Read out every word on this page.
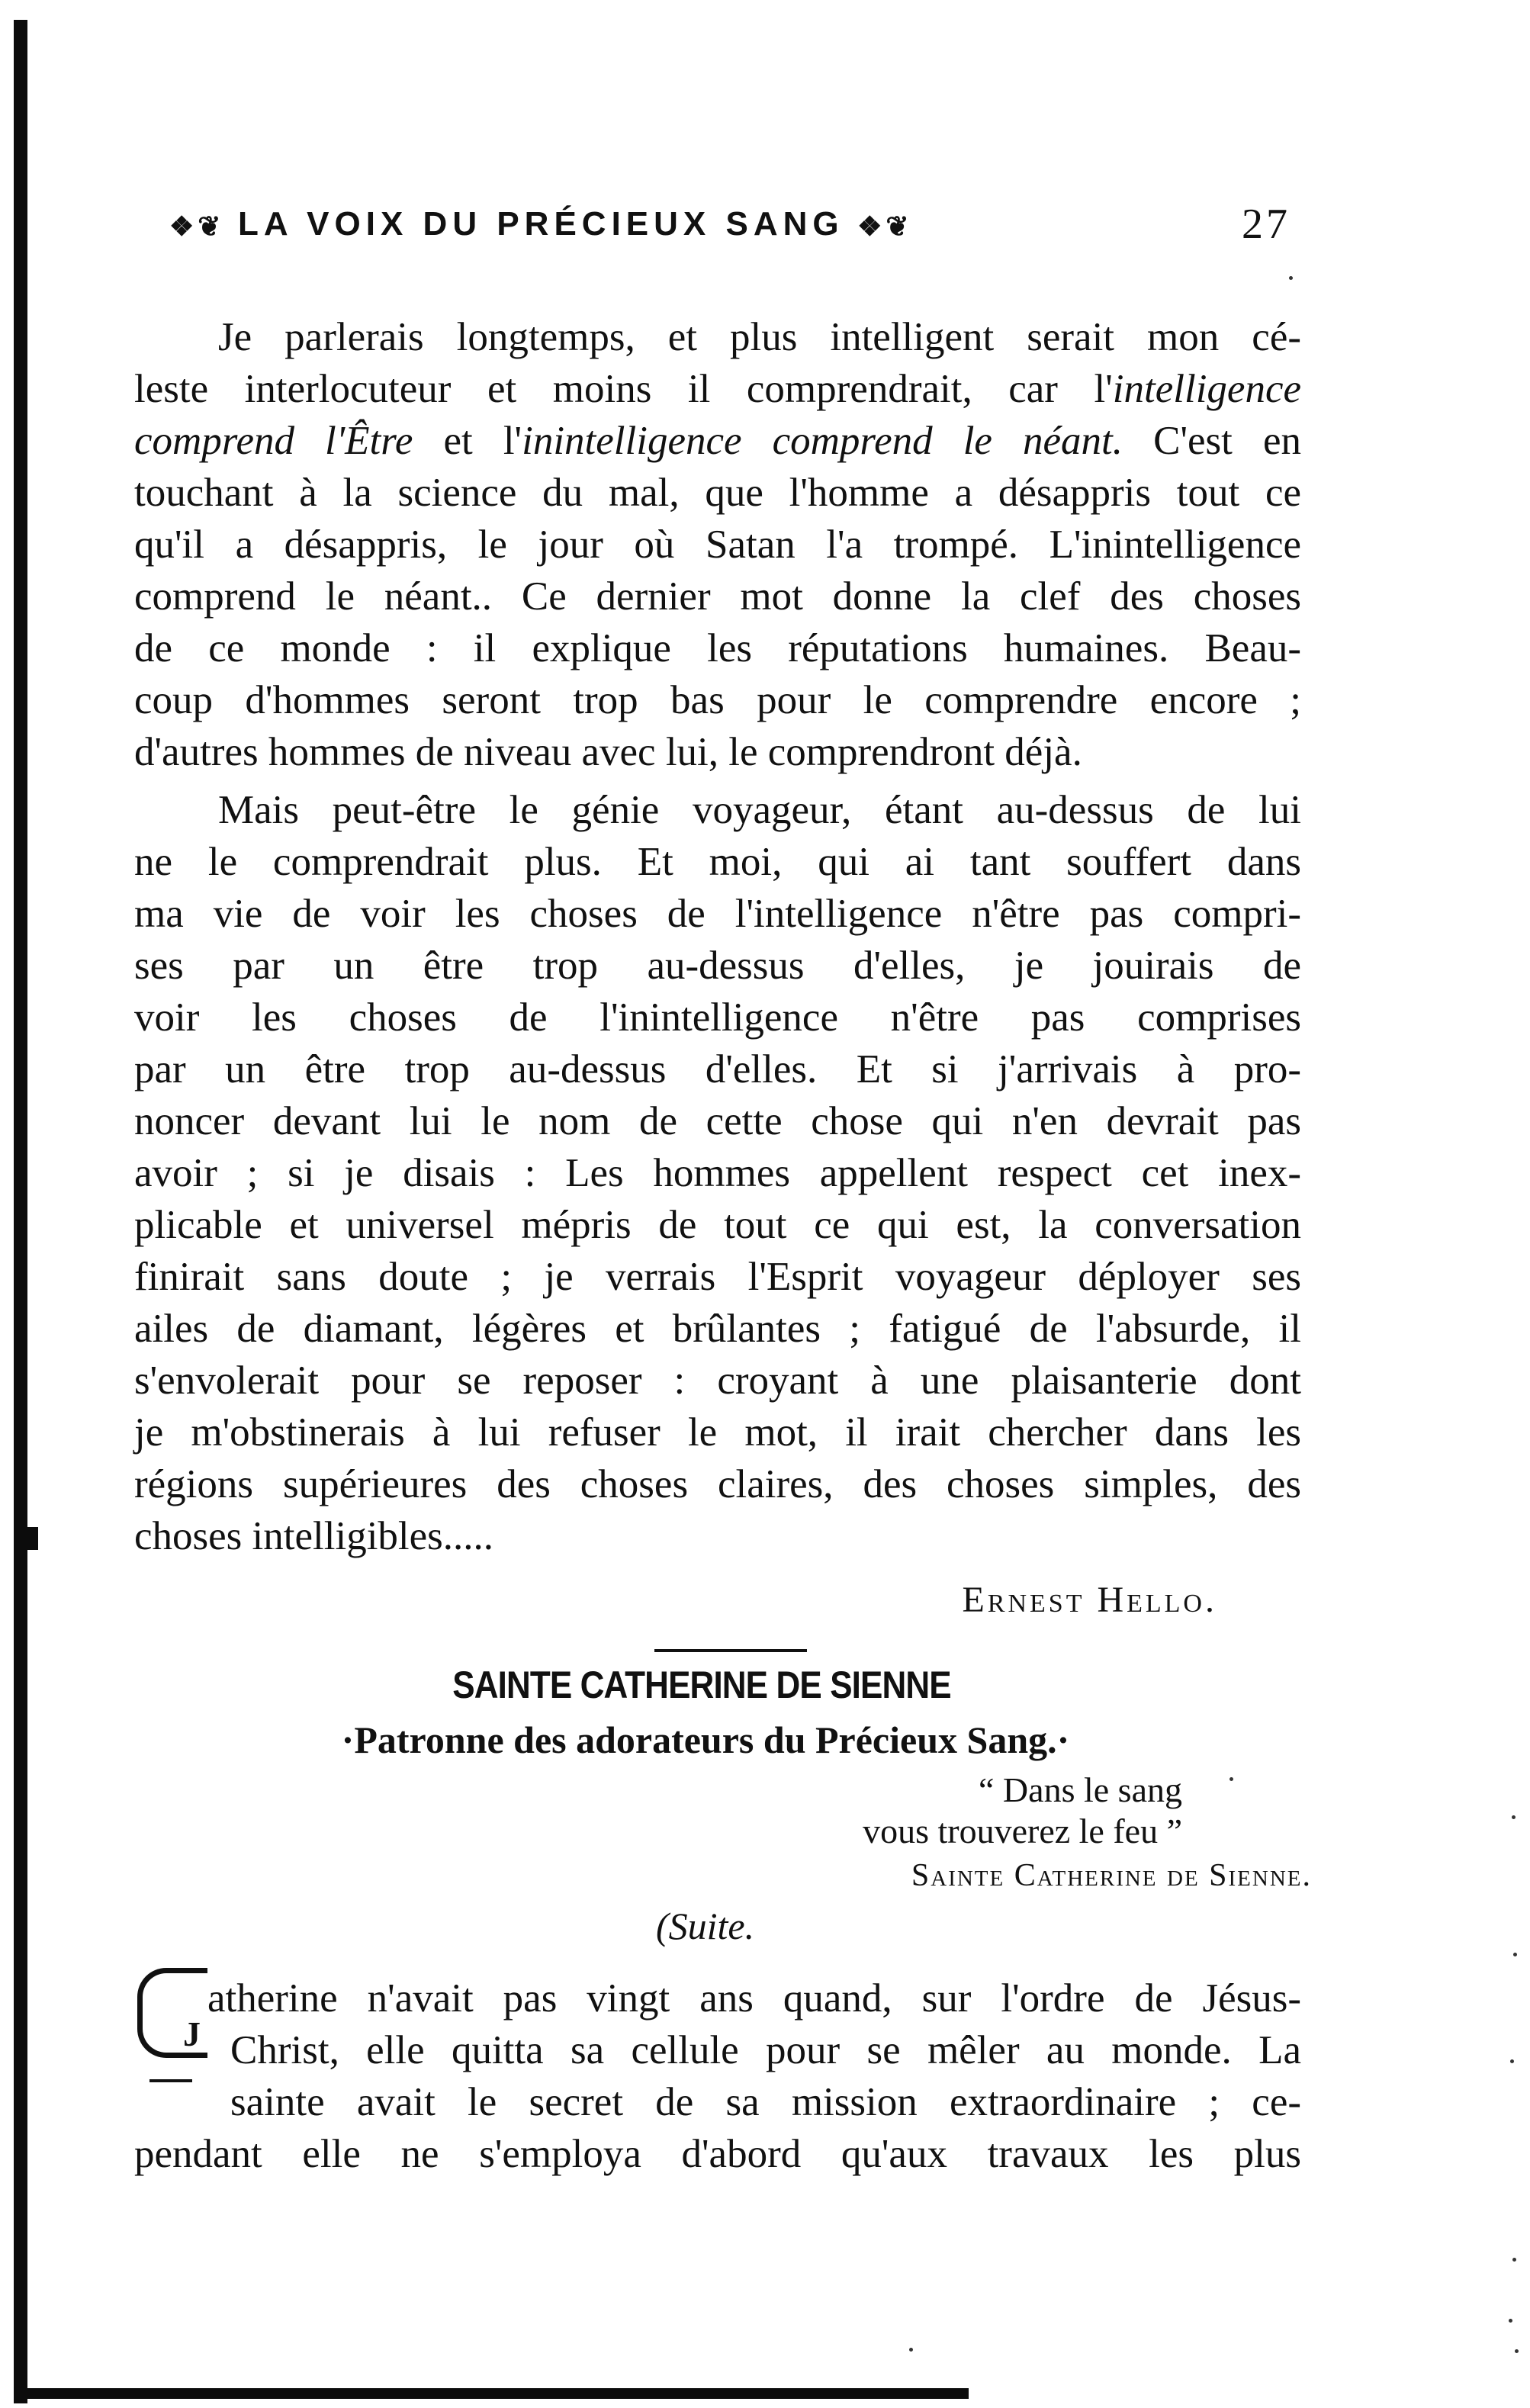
❖❦ LA VOIX DU PRÉCIEUX SANG ❖❦	27
Je parlerais longtemps, et plus intelligent serait mon cé-
leste interlocuteur et moins il comprendrait, car l'intelligence
comprend l'Être et l'inintelligence comprend le néant. C'est en
touchant à la science du mal, que l'homme a désappris tout ce
qu'il a désappris, le jour où Satan l'a trompé. L'inintelligence
comprend le néant.. Ce dernier mot donne la clef des choses
de ce monde : il explique les réputations humaines. Beau-
coup d'hommes seront trop bas pour le comprendre encore ;
d'autres hommes de niveau avec lui, le comprendront déjà.
Mais peut-être le génie voyageur, étant au-dessus de lui
ne le comprendrait plus. Et moi, qui ai tant souffert dans
ma vie de voir les choses de l'intelligence n'être pas compri-
ses par un être trop au-dessus d'elles, je jouirais de
voir les choses de l'inintelligence n'être pas comprises
par un être trop au-dessus d'elles. Et si j'arrivais à pro-
noncer devant lui le nom de cette chose qui n'en devrait pas
avoir ; si je disais : Les hommes appellent respect cet inex-
plicable et universel mépris de tout ce qui est, la conversation
finirait sans doute ; je verrais l'Esprit voyageur déployer ses
ailes de diamant, légères et brûlantes ; fatigué de l'absurde, il
s'envolerait pour se reposer : croyant à une plaisanterie dont
je m'obstinerais à lui refuser le mot, il irait chercher dans les
régions supérieures des choses claires, des choses simples, des
choses intelligibles.....
Ernest Hello.
SAINTE CATHERINE DE SIENNE
·Patronne des adorateurs du Précieux Sang.·
“ Dans le sang
vous trouverez le feu ”
Sainte Catherine de Sienne.
(Suite.
J
atherine n'avait pas vingt ans quand, sur l'ordre de Jésus-
Christ, elle quitta sa cellule pour se mêler au monde. La
sainte avait le secret de sa mission extraordinaire ; ce-
pendant elle ne s'employa d'abord qu'aux travaux les plus
